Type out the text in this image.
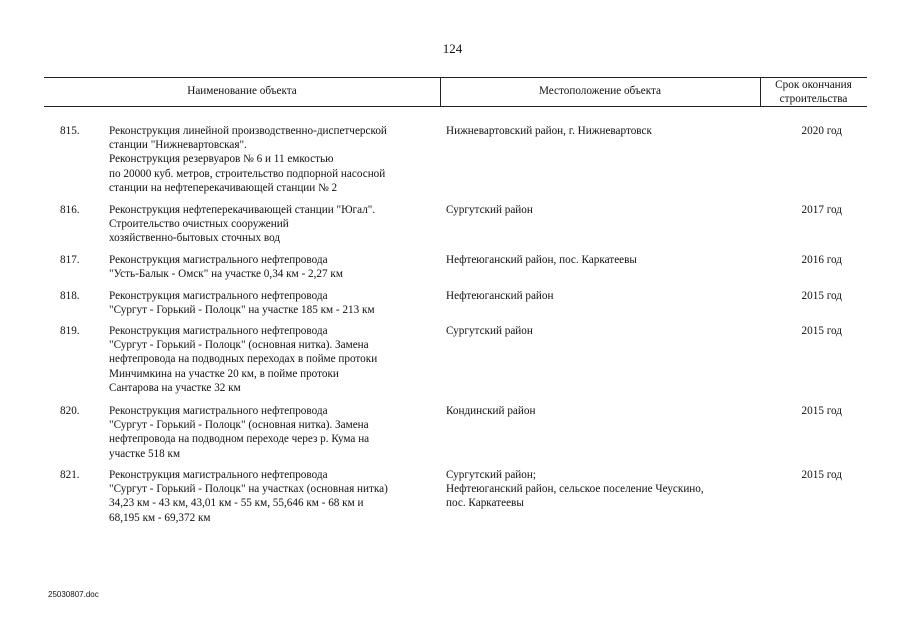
124
Наименование объекта	Местоположение объекта
Срок окончания
строительства
815.	Реконструкция линейной производственно-диспетчерской
станции "Нижневартовская".
Реконструкция резервуаров № 6 и 11 емкостью
по 20000 куб. метров, строительство подпорной насосной
станции на нефтеперекачивающей станции № 2
Нижневартовский район, г. Нижневартовск	2020 год
816.	Реконструкция нефтеперекачивающей станции "Югал".
Строительство очистных сооружений
хозяйственно-бытовых сточных вод
Сургутский район	2017 год
817.	Реконструкция магистрального нефтепровода
"Усть-Балык - Омск" на участке 0,34 км - 2,27 км
Нефтеюганский район, пос. Каркатеевы	2016 год
818.	Реконструкция магистрального нефтепровода
"Сургут - Горький - Полоцк" на участке 185 км - 213 км
Нефтеюганский район	2015 год
819.	Реконструкция магистрального нефтепровода
"Сургут - Горький - Полоцк" (основная нитка). Замена
нефтепровода на подводных переходах в пойме протоки
Минчимкина на участке 20 км, в пойме протоки
Сантарова на участке 32 км
Сургутский район	2015 год
820.	Реконструкция магистрального нефтепровода
"Сургут - Горький - Полоцк" (основная нитка). Замена
нефтепровода на подводном переходе через р. Кума на
участке 518 км
Кондинский район	2015 год
821.	Реконструкция магистрального нефтепровода
"Сургут - Горький - Полоцк" на участках (основная нитка)
34,23 км - 43 км, 43,01 км - 55 км, 55,646 км - 68 км и
68,195 км - 69,372 км
Сургутский район;
Нефтеюганский район, сельское поселение Чеускино,
пос. Каркатеевы
2015 год
25030807.doc
